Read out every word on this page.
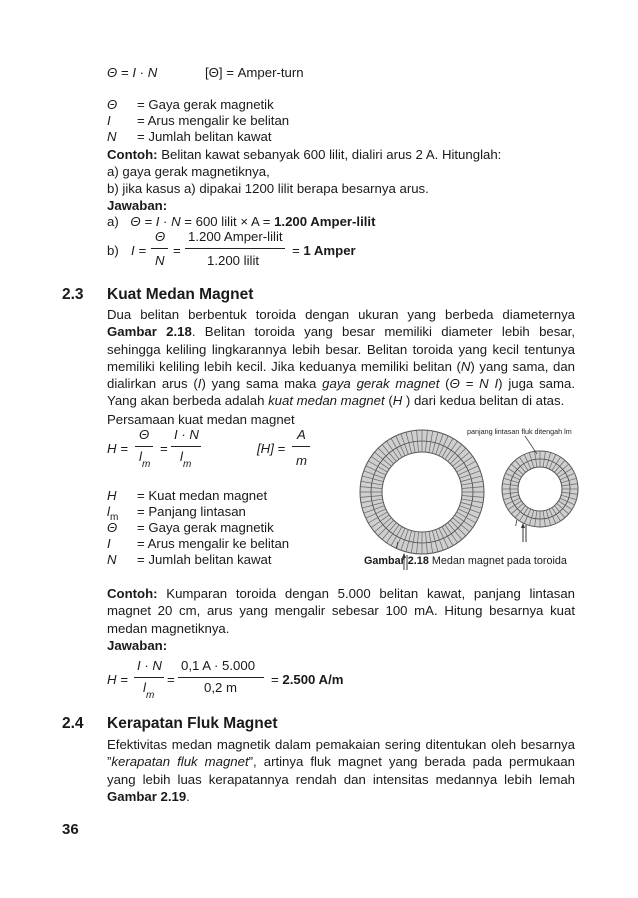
Θ = I · N	[Θ] = Amper-turn
Θ = Gaya gerak magnetik
I = Arus mengalir ke belitan
N = Jumlah belitan kawat
Contoh: Belitan kawat sebanyak 600 lilit, dialiri arus 2 A. Hitunglah:
a) gaya gerak magnetiknya,
b) jika kasus a) dipakai 1200 lilit berapa besarnya arus.
Jawaban:
a) Θ = I · N = 600 lilit × A = 1.200 Amper-lilit
b) I =
Θ
N
=
1.200 Amper-lilit
1.200 lilit
= 1 Amper
2.3 Kuat Medan Magnet
Dua belitan berbentuk toroida dengan ukuran yang berbeda diameternya Gambar 2.18. Belitan toroida yang besar memiliki diameter lebih besar, sehingga keliling lingkarannya lebih besar. Belitan toroida yang kecil tentunya memiliki keliling lebih kecil. Jika keduanya memiliki belitan (N) yang sama, dan dialirkan arus (I) yang sama maka gaya gerak magnet (Θ = N I) juga sama. Yang akan berbeda adalah kuat medan magnet (H ) dari kedua belitan di atas.
Persamaan kuat medan magnet
H =
Θ
$l_m$
=
I · N
$l_m$
[H] =
A
m
H = Kuat medan magnet
$l_m$ = Panjang lintasan
Θ = Gaya gerak magnetik
I = Arus mengalir ke belitan
N = Jumlah belitan kawat
panjang lintasan fluk ditengah lm
I
I
Gambar 2.18 Medan magnet pada toroida
Contoh: Kumparan toroida dengan 5.000 belitan kawat, panjang lintasan magnet 20 cm, arus yang mengalir sebesar 100 mA. Hitung besarnya kuat medan magnetiknya.
Jawaban:
H =
I · N
$l_m$
=
0,1 A · 5.000
0,2 m
= 2.500 A/m
2.4 Kerapatan Fluk Magnet
Efektivitas medan magnetik dalam pemakaian sering ditentukan oleh besarnya ”kerapatan fluk magnet”, artinya fluk magnet yang berada pada permukaan yang lebih luas kerapatannya rendah dan intensitas medannya lebih lemah Gambar 2.19.
36
